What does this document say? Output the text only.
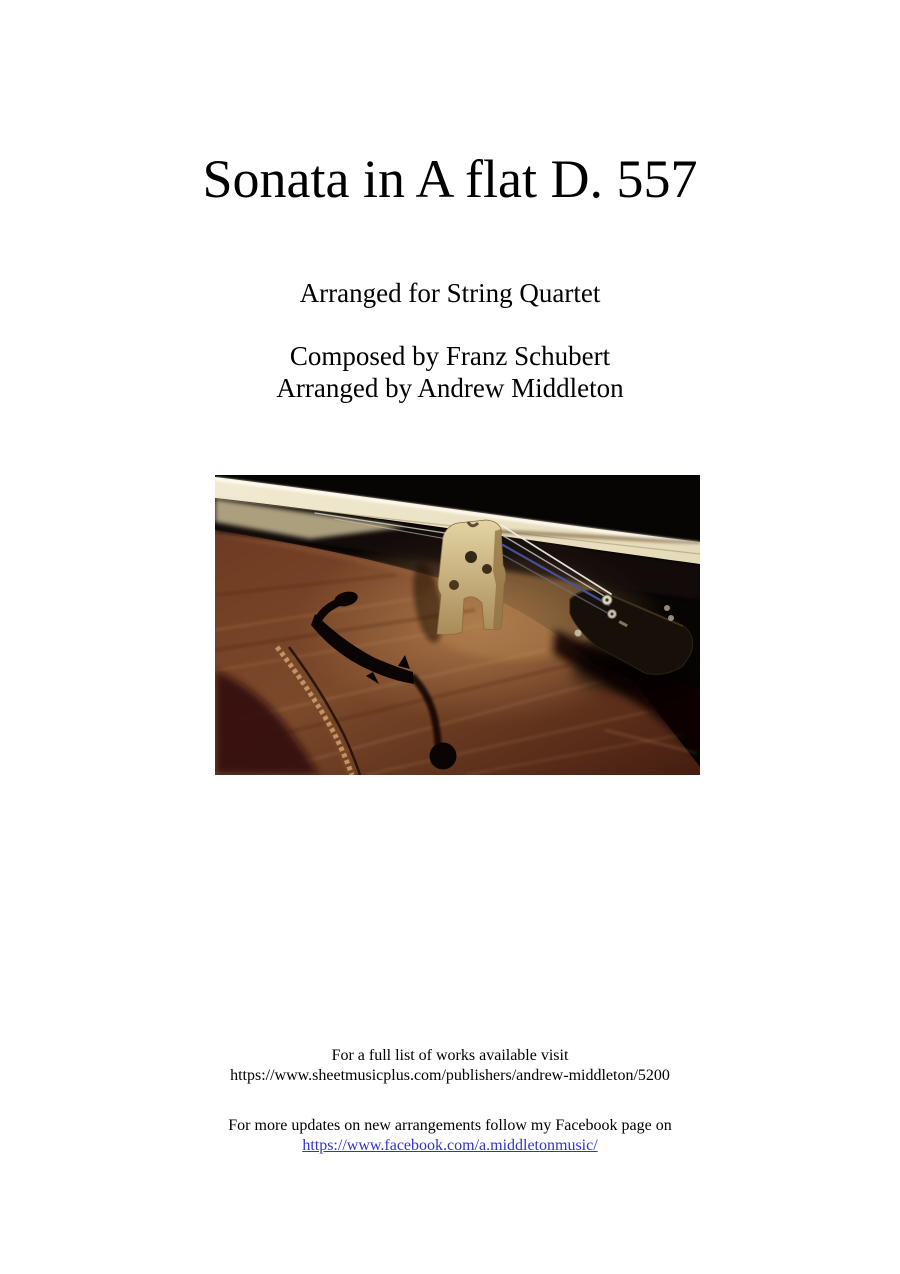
Sonata in A flat D. 557
Arranged for String Quartet
Composed by Franz Schubert
Arranged by Andrew Middleton
For a full list of works available visit
https://www.sheetmusicplus.com/publishers/andrew-middleton/5200
For more updates on new arrangements follow my Facebook page on
https://www.facebook.com/a.middletonmusic/
